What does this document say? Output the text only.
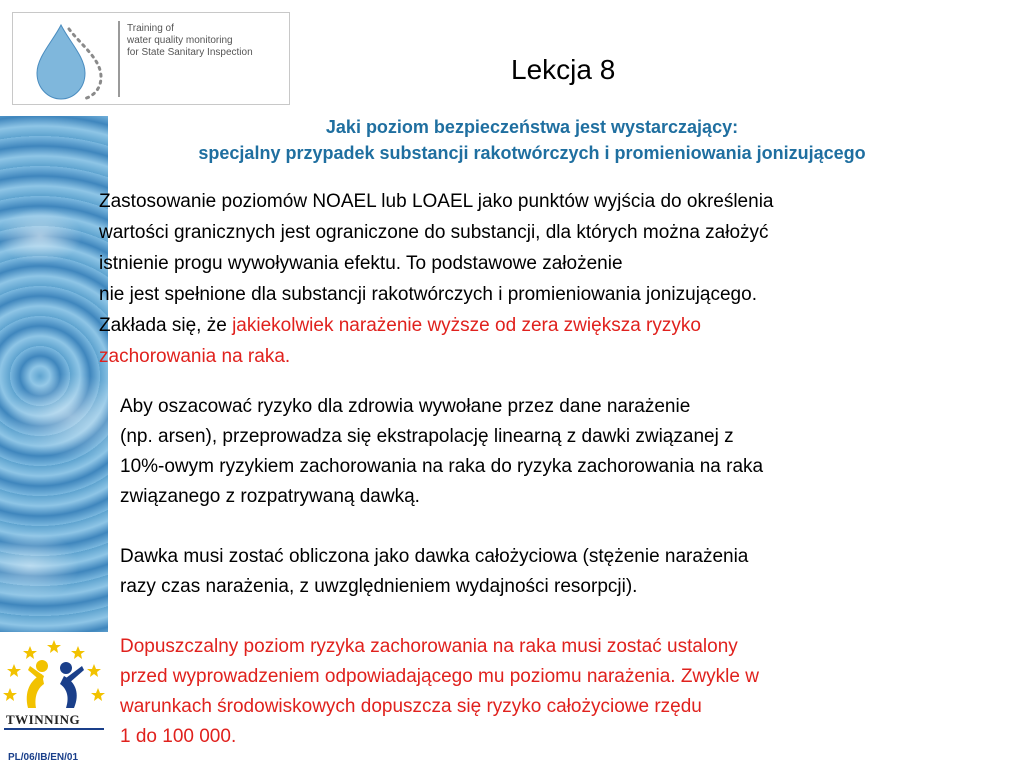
Training of
water quality monitoring
for State Sanitary Inspection
Lekcja 8
Jaki poziom bezpieczeństwa jest wystarczający:
specjalny przypadek substancji rakotwórczych i promieniowania jonizującego
Zastosowanie poziomów NOAEL lub LOAEL jako punktów wyjścia do określenia
wartości granicznych jest ograniczone do substancji, dla których można założyć
istnienie progu wywoływania efektu. To podstawowe założenie
nie jest spełnione dla substancji rakotwórczych i promieniowania jonizującego.
Zakłada się, że jakiekolwiek narażenie wyższe od zera zwiększa ryzyko
zachorowania na raka.
Aby oszacować ryzyko dla zdrowia wywołane przez dane narażenie
(np. arsen), przeprowadza się ekstrapolację linearną z dawki związanej z
10%-owym ryzykiem zachorowania na raka do ryzyka zachorowania na raka
związanego z rozpatrywaną dawką.
Dawka musi zostać obliczona jako dawka całożyciowa (stężenie narażenia
razy czas narażenia, z uwzględnieniem wydajności resorpcji).
Dopuszczalny poziom ryzyka zachorowania na raka musi zostać ustalony
przed wyprowadzeniem odpowiadającego mu poziomu narażenia. Zwykle w
warunkach środowiskowych dopuszcza się ryzyko całożyciowe rzędu
1 do 100 000.
TWINNING
PL/06/IB/EN/01
